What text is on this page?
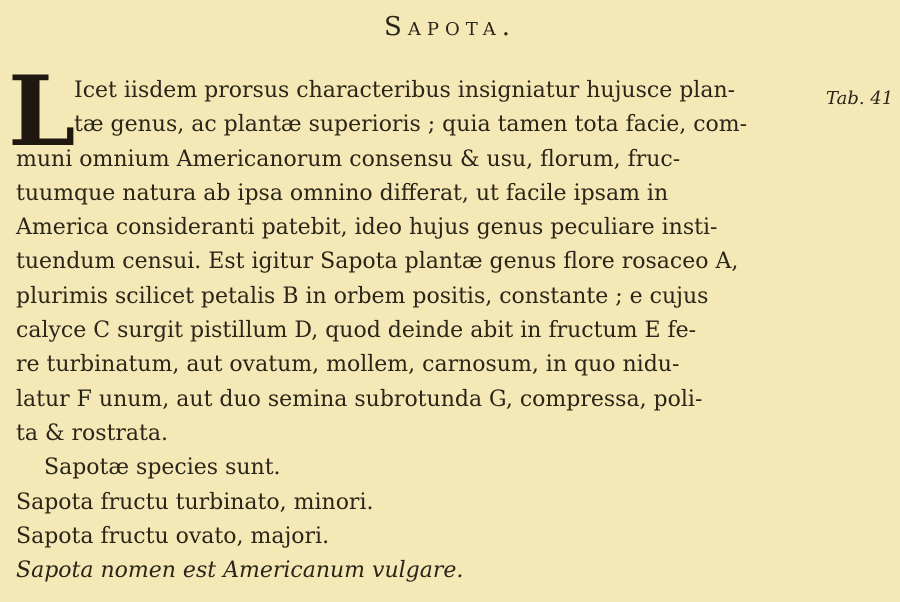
Sapota.
L	Tab. 41
Icet iisdem prorsus characteribus insigniatur hujusce plan-
tæ genus, ac plantæ superioris ; quia tamen tota facie, com-
muni omnium Americanorum consensu & usu, florum, fruc-
tuumque natura ab ipsa omnino differat, ut facile ipsam in
America consideranti patebit, ideo hujus genus peculiare insti-
tuendum censui. Est igitur Sapota plantæ genus flore rosaceo A,
plurimis scilicet petalis B in orbem positis, constante ; e cujus
calyce C surgit pistillum D, quod deinde abit in fructum E fe-
re turbinatum, aut ovatum, mollem, carnosum, in quo nidu-
latur F unum, aut duo semina subrotunda G, compressa, poli-
ta & rostrata.
Sapotæ species sunt.
Sapota fructu turbinato, minori.
Sapota fructu ovato, majori.
Sapota nomen est Americanum vulgare.
